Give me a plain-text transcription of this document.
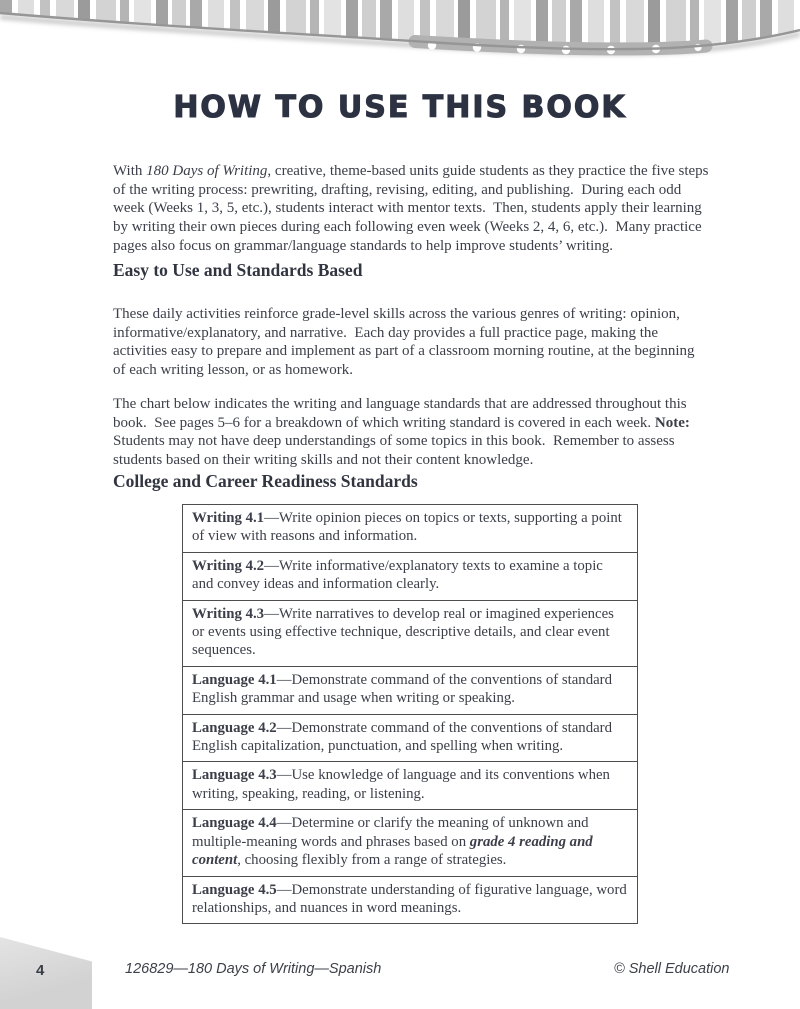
HOW TO USE THIS BOOK

With 180 Days of Writing, creative, theme-based units guide students as they practice the five steps of the writing process: prewriting, drafting, revising, editing, and publishing.  During each odd week (Weeks 1, 3, 5, etc.), students interact with mentor texts.  Then, students apply their learning by writing their own pieces during each following even week (Weeks 2, 4, 6, etc.).  Many practice pages also focus on grammar/language standards to help improve students’ writing.

Easy to Use and Standards Based

These daily activities reinforce grade-level skills across the various genres of writing: opinion, informative/explanatory, and narrative.  Each day provides a full practice page, making the activities easy to prepare and implement as part of a classroom morning routine, at the beginning of each writing lesson, or as homework.

The chart below indicates the writing and language standards that are addressed throughout this book.  See pages 5–6 for a breakdown of which writing standard is covered in each week. Note: Students may not have deep understandings of some topics in this book.  Remember to assess students based on their writing skills and not their content knowledge.

College and Career Readiness Standards
Writing 4.1—Write opinion pieces on topics or texts, supporting a point of view with reasons and information.
Writing 4.2—Write informative/explanatory texts to examine a topic and convey ideas and information clearly.
Writing 4.3—Write narratives to develop real or imagined experiences or events using effective technique, descriptive details, and clear event sequences.
Language 4.1—Demonstrate command of the conventions of standard English grammar and usage when writing or speaking.
Language 4.2—Demonstrate command of the conventions of standard English capitalization, punctuation, and spelling when writing.
Language 4.3—Use knowledge of language and its conventions when writing, speaking, reading, or listening.
Language 4.4—Determine or clarify the meaning of unknown and multiple-meaning words and phrases based on grade 4 reading and content, choosing flexibly from a range of strategies.
Language 4.5—Demonstrate understanding of figurative language, word relationships, and nuances in word meanings.
4	126829—180 Days of Writing—Spanish	© Shell Education
